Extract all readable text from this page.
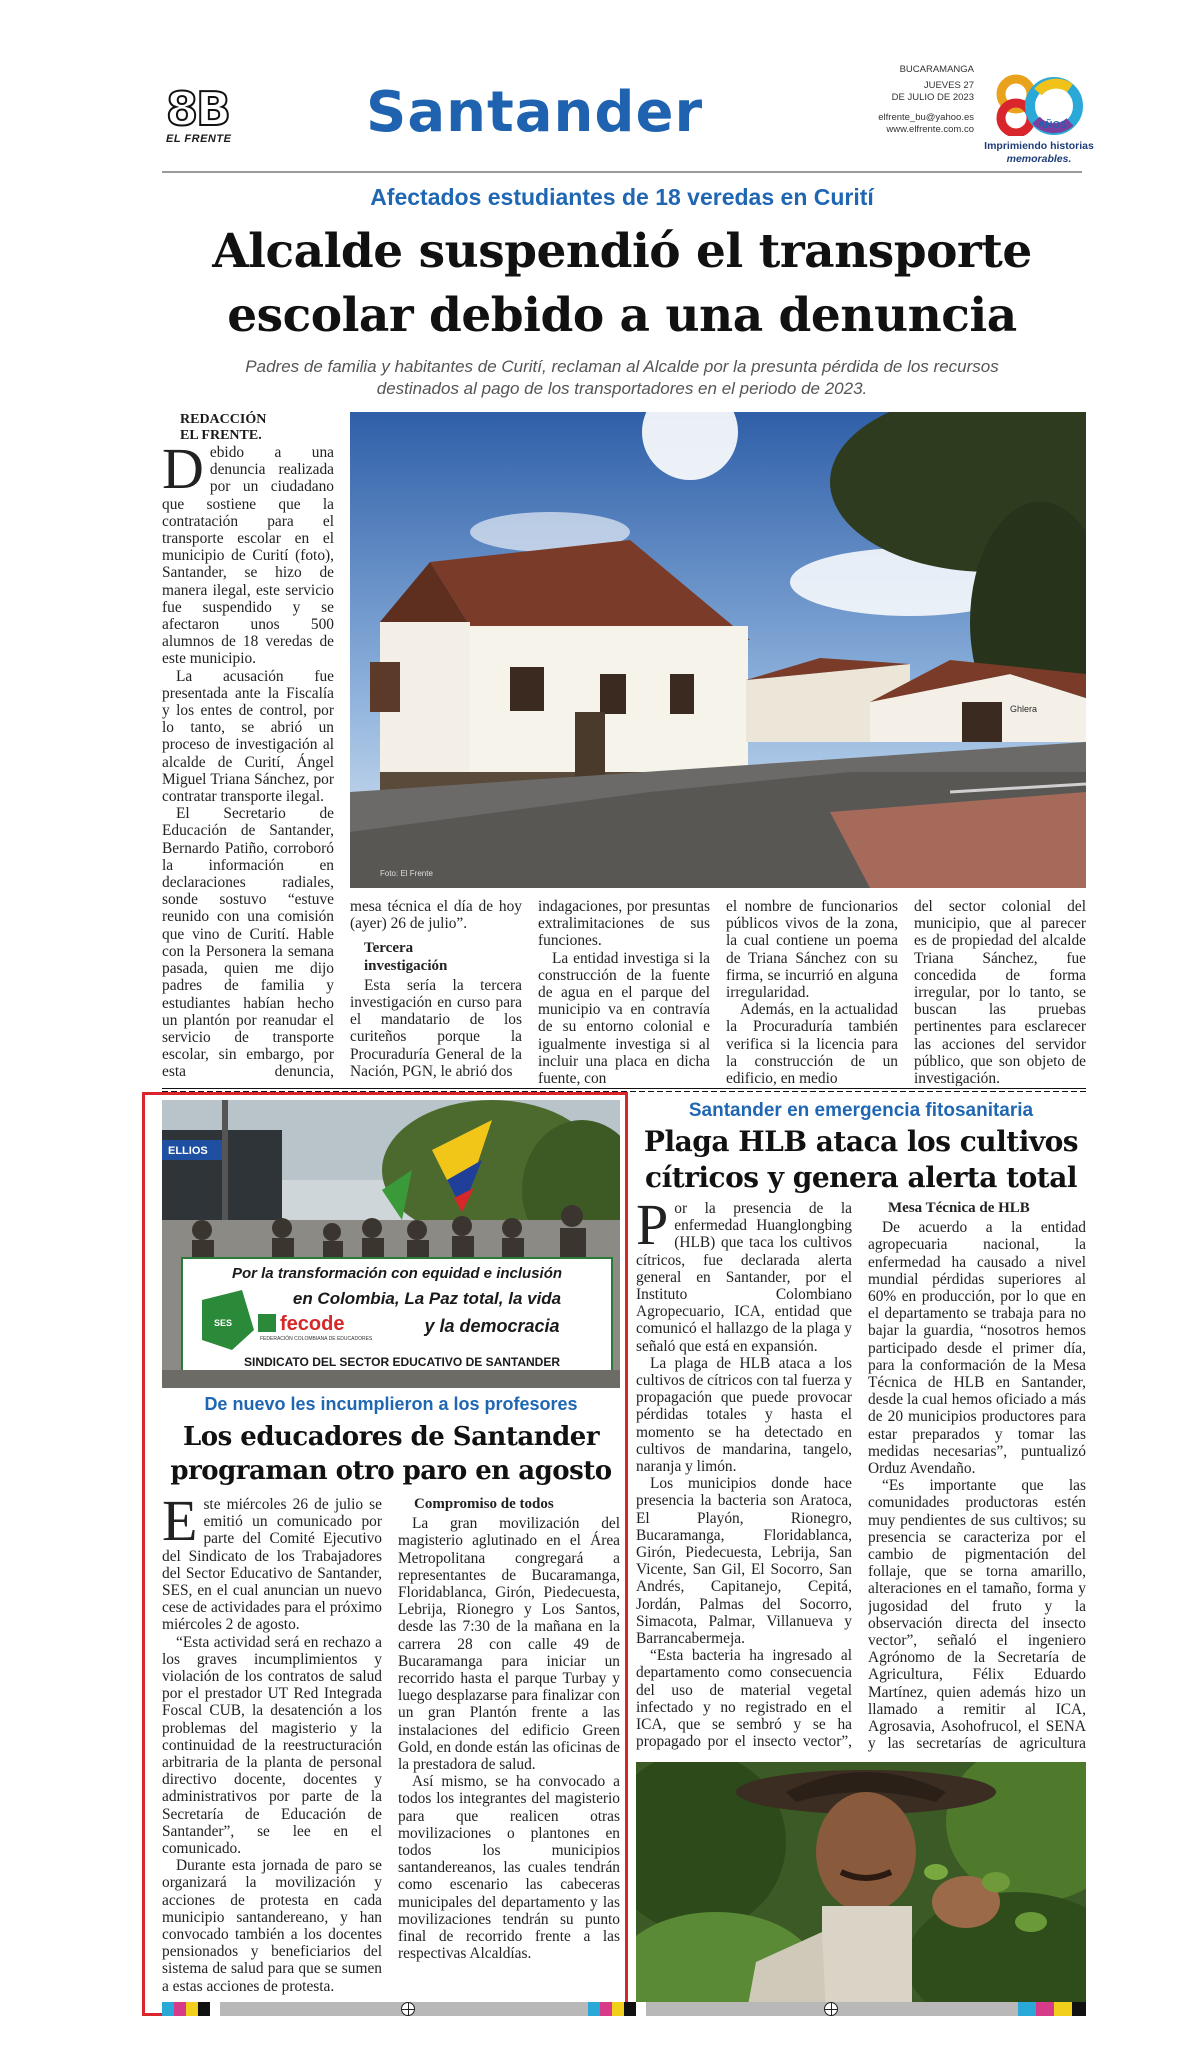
8B
EL FRENTE Santander
BUCARAMANGA
JUEVES 27
DE JULIO DE 2023
elfrente_bu@yahoo.es
www.elfrente.com.co	AÑOS
Imprimiendo historias
memorables.
Afectados estudiantes de 18 veredas en Curití
Alcalde suspendió el transporte
escolar debido a una denuncia
Padres de familia y habitantes de Curití, reclaman al Alcalde por la presunta pérdida de los recursos
destinados al pago de los transportadores en el periodo de 2023.
REDACCIÓN
EL FRENTE.

Debido a una denuncia realizada por un ciudadano que sostiene que la contratación para el transporte escolar en el municipio de Curití (foto), Santander, se hizo de manera ilegal, este servicio fue suspendido y se afectaron unos 500 alumnos de 18 veredas de este municipio.

La acusación fue presentada ante la Fiscalía y los entes de control, por lo tanto, se abrió un proceso de investigación al alcalde de Curití, Ángel Miguel Triana Sánchez, por contratar transporte ilegal.

El Secretario de Educación de Santander, Bernardo Patiño, corroboró la información en declaraciones radiales, sonde sostuvo “estuve reunido con una comisión que vino de Curití. Hable con la Personera la semana pasada, quien me dijo padres de familia y estudiantes habían hecho un plantón por reanudar el servicio de transporte escolar, sin embargo, por esta denuncia,

Ghlera
Foto: El Frente

mesa técnica el día de hoy (ayer) 26 de julio”.

Tercera investigación

Esta sería la tercera investigación en curso para el mandatario de los curiteños porque la Procuraduría General de la Nación, PGN, le abrió dos

indagaciones, por presuntas extralimitaciones de sus funciones.

La entidad investiga si la construcción de la fuente de agua en el parque del municipio va en contravía de su entorno colonial e igualmente investiga si al incluir una placa en dicha fuente, con

el nombre de funcionarios públicos vivos de la zona, la cual contiene un poema de Triana Sánchez con su firma, se incurrió en alguna irregularidad.

Además, en la actualidad la Procuraduría también verifica si la licencia para la construcción de un edificio, en medio

del sector colonial del municipio, que al parecer es de propiedad del alcalde Triana Sánchez, fue concedida de forma irregular, por lo tanto, se buscan las pruebas pertinentes para esclarecer las acciones del servidor público, que son objeto de investigación.

ELLIOS
Por la transformación con equidad e inclusión
en Colombia, La Paz total, la vida
y la democracia
SES fecode
FEDERACIÓN COLOMBIANA DE EDUCADORES
SINDICATO DEL SECTOR EDUCATIVO DE SANTANDER
De nuevo les incumplieron a los profesores
Los educadores de Santander
programan otro paro en agosto

Este miércoles 26 de julio se emitió un comunicado por parte del Comité Ejecutivo del Sindicato de los Trabajadores del Sector Educativo de Santander, SES, en el cual anuncian un nuevo cese de actividades para el próximo miércoles 2 de agosto.

“Esta actividad será en rechazo a los graves incumplimientos y violación de los contratos de salud por el prestador UT Red Integrada Foscal CUB, la desatención a los problemas del magisterio y la continuidad de la reestructuración arbitraria de la planta de personal directivo docente, docentes y administrativos por parte de la Secretaría de Educación de Santander”, se lee en el comunicado.

Durante esta jornada de paro se organizará la movilización y acciones de protesta en cada municipio santandereano, y han convocado también a los docentes pensionados y beneficiarios del sistema de salud para que se sumen a estas acciones de protesta.

Compromiso de todos

La gran movilización del magisterio aglutinado en el Área Metropolitana congregará a representantes de Bucaramanga, Floridablanca, Girón, Piedecuesta, Lebrija, Rionegro y Los Santos, desde las 7:30 de la mañana en la carrera 28 con calle 49 de Bucaramanga para iniciar un recorrido hasta el parque Turbay y luego desplazarse para finalizar con un gran Plantón frente a las instalaciones del edificio Green Gold, en donde están las oficinas de la prestadora de salud.

Así mismo, se ha convocado a todos los integrantes del magisterio para que realicen otras movilizaciones o plantones en todos los municipios santandereanos, las cuales tendrán como escenario las cabeceras municipales del departamento y las movilizaciones tendrán su punto final de recorrido frente a las respectivas Alcaldías.

Santander en emergencia fitosanitaria
Plaga HLB ataca los cultivos
cítricos y genera alerta total

Por la presencia de la enfermedad Huanglongbing (HLB) que taca los cultivos cítricos, fue declarada alerta general en Santander, por el Instituto Colombiano Agropecuario, ICA, entidad que comunicó el hallazgo de la plaga y señaló que está en expansión.

La plaga de HLB ataca a los cultivos de cítricos con tal fuerza y propagación que puede provocar pérdidas totales y hasta el momento se ha detectado en cultivos de mandarina, tangelo, naranja y limón.

Los municipios donde hace presencia la bacteria son Aratoca, El Playón, Rionegro, Bucaramanga, Floridablanca, Girón, Piedecuesta, Lebrija, San Vicente, San Gil, El Socorro, San Andrés, Capitanejo, Cepitá, Jordán, Palmas del Socorro, Simacota, Palmar, Villanueva y Barrancabermeja.

“Esta bacteria ha ingresado al departamento como consecuencia del uso de material vegetal infectado y no registrado en el ICA, que se sembró y se ha propagado por el insecto vector”,

Mesa Técnica de HLB

De acuerdo a la entidad agropecuaria nacional, la enfermedad ha causado a nivel mundial pérdidas superiores al 60% en producción, por lo que en el departamento se trabaja para no bajar la guardia, “nosotros hemos participado desde el primer día, para la conformación de la Mesa Técnica de HLB en Santander, desde la cual hemos oficiado a más de 20 municipios productores para estar preparados y tomar las medidas necesarias”, puntualizó Orduz Avendaño.

“Es importante que las comunidades productoras estén muy pendientes de sus cultivos; su presencia se caracteriza por el cambio de pigmentación del follaje, que se torna amarillo, alteraciones en el tamaño, forma y jugosidad del fruto y la observación directa del insecto vector”, señaló el ingeniero Agrónomo de la Secretaría de Agricultura, Félix Eduardo Martínez, quien además hizo un llamado a remitir al ICA, Agrosavia, Asohofrucol, el SENA y las secretarías de agricultura
